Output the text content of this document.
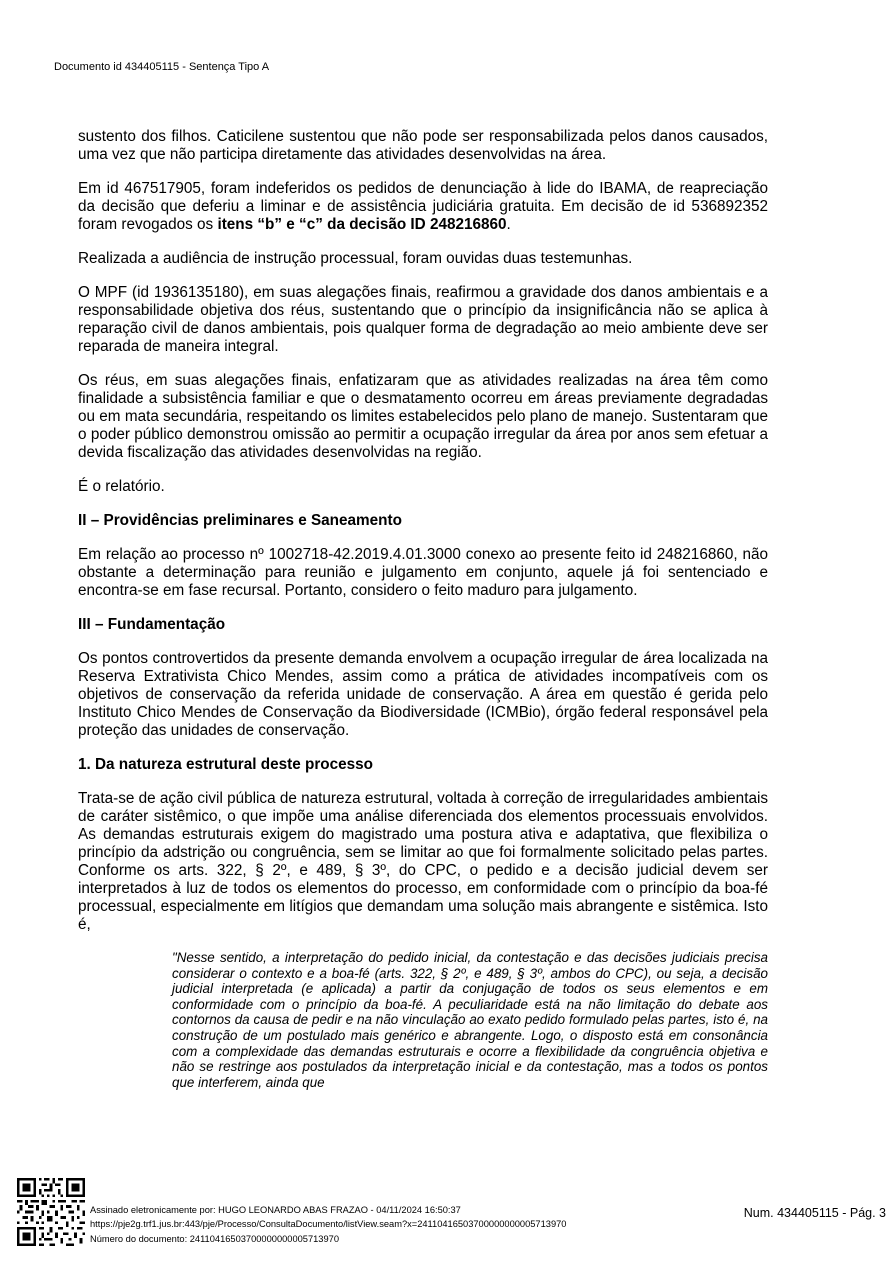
Documento id 434405115 - Sentença Tipo A

sustento dos filhos. Caticilene sustentou que não pode ser responsabilizada pelos danos causados, uma vez que não participa diretamente das atividades desenvolvidas na área.

Em id 467517905, foram indeferidos os pedidos de denunciação à lide do IBAMA, de reapreciação da decisão que deferiu a liminar e de assistência judiciária gratuita. Em decisão de id 536892352 foram revogados os itens “b” e “c” da decisão ID 248216860.

Realizada a audiência de instrução processual, foram ouvidas duas testemunhas.

O MPF (id 1936135180), em suas alegações finais, reafirmou a gravidade dos danos ambientais e a responsabilidade objetiva dos réus, sustentando que o princípio da insignificância não se aplica à reparação civil de danos ambientais, pois qualquer forma de degradação ao meio ambiente deve ser reparada de maneira integral.

Os réus, em suas alegações finais, enfatizaram que as atividades realizadas na área têm como finalidade a subsistência familiar e que o desmatamento ocorreu em áreas previamente degradadas ou em mata secundária, respeitando os limites estabelecidos pelo plano de manejo. Sustentaram que o poder público demonstrou omissão ao permitir a ocupação irregular da área por anos sem efetuar a devida fiscalização das atividades desenvolvidas na região.

É o relatório.

II – Providências preliminares e Saneamento

Em relação ao processo nº 1002718-42.2019.4.01.3000 conexo ao presente feito id 248216860, não obstante a determinação para reunião e julgamento em conjunto, aquele já foi sentenciado e encontra-se em fase recursal. Portanto, considero o feito maduro para julgamento.

III – Fundamentação

Os pontos controvertidos da presente demanda envolvem a ocupação irregular de área localizada na Reserva Extrativista Chico Mendes, assim como a prática de atividades incompatíveis com os objetivos de conservação da referida unidade de conservação. A área em questão é gerida pelo Instituto Chico Mendes de Conservação da Biodiversidade (ICMBio), órgão federal responsável pela proteção das unidades de conservação.

1. Da natureza estrutural deste processo

Trata-se de ação civil pública de natureza estrutural, voltada à correção de irregularidades ambientais de caráter sistêmico, o que impõe uma análise diferenciada dos elementos processuais envolvidos. As demandas estruturais exigem do magistrado uma postura ativa e adaptativa, que flexibiliza o princípio da adstrição ou congruência, sem se limitar ao que foi formalmente solicitado pelas partes. Conforme os arts. 322, § 2º, e 489, § 3º, do CPC, o pedido e a decisão judicial devem ser interpretados à luz de todos os elementos do processo, em conformidade com o princípio da boa-fé processual, especialmente em litígios que demandam uma solução mais abrangente e sistêmica. Isto é,

"Nesse sentido, a interpretação do pedido inicial, da contestação e das decisões judiciais precisa considerar o contexto e a boa-fé (arts. 322, § 2º, e 489, § 3º, ambos do CPC), ou seja, a decisão judicial interpretada (e aplicada) a partir da conjugação de todos os seus elementos e em conformidade com o princípio da boa-fé. A peculiaridade está na não limitação do debate aos contornos da causa de pedir e na não vinculação ao exato pedido formulado pelas partes, isto é, na construção de um postulado mais genérico e abrangente. Logo, o disposto está em consonância com a complexidade das demandas estruturais e ocorre a flexibilidade da congruência objetiva e não se restringe aos postulados da interpretação inicial e da contestação, mas a todos os pontos que interferem, ainda que

Assinado eletronicamente por: HUGO LEONARDO ABAS FRAZAO - 04/11/2024 16:50:37
https://pje2g.trf1.jus.br:443/pje/Processo/ConsultaDocumento/listView.seam?x=24110416503700000000005713970
Número do documento: 24110416503700000000005713970
Num. 434405115 - Pág. 3
